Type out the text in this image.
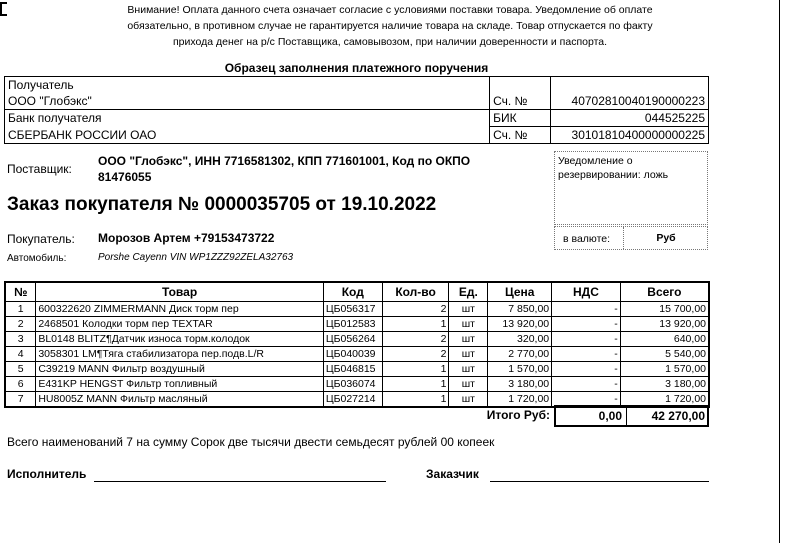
Внимание! Оплата данного счета означает согласие с условиями поставки товара. Уведомление об оплате
обязательно, в противном случае не гарантируется наличие товара на складе. Товар отпускается по факту
прихода денег на р/с Поставщика, самовывозом, при наличии доверенности и паспорта.
Образец заполнения платежного поручения
Получатель		
ООО "Глобэкс"	Сч. №	40702810040190000223
Банк получателя	БИК	044525225
СБЕРБАНК РОССИИ ОАО	Сч. №	30101810400000000225
Поставщик:
ООО "Глобэкс", ИНН 7716581302, КПП 771601001, Код по ОКПО
81476055
Уведомление о
резервировании: ложь
Заказ покупателя № 0000035705 от 19.10.2022
Покупатель: Морозов Артем +79153473722	в валюте:	Руб
Автомобиль:	Porshe Cayenn VIN WP1ZZZ92ZELA32763
№	Товар	Код	Кол-во	Ед.	Цена	НДС	Всего
1	600322620 ZIMMERMANN Диск торм пер	ЦБ056317	2	шт	7 850,00	-	15 700,00
2	2468501 Колодки торм пер TEXTAR	ЦБ012583	1	шт	13 920,00	-	13 920,00
3	BL0148 BLITZ¶Датчик износа торм.колодок	ЦБ056264	2	шт	320,00	-	640,00
4	3058301 LM¶Тяга стабилизатора пер.подв.L/R	ЦБ040039	2	шт	2 770,00	-	5 540,00
5	C39219 MANN Фильтр воздушный	ЦБ046815	1	шт	1 570,00	-	1 570,00
6	E431KP HENGST Фильтр топливный	ЦБ036074	1	шт	3 180,00	-	3 180,00
7	HU8005Z MANN Фильтр масляный	ЦБ027214	1	шт	1 720,00	-	1 720,00
Итого Руб:	0,00	42 270,00
Всего наименований 7 на сумму Сорок две тысячи двести семьдесят рублей 00 копеек
Исполнитель	Заказчик
